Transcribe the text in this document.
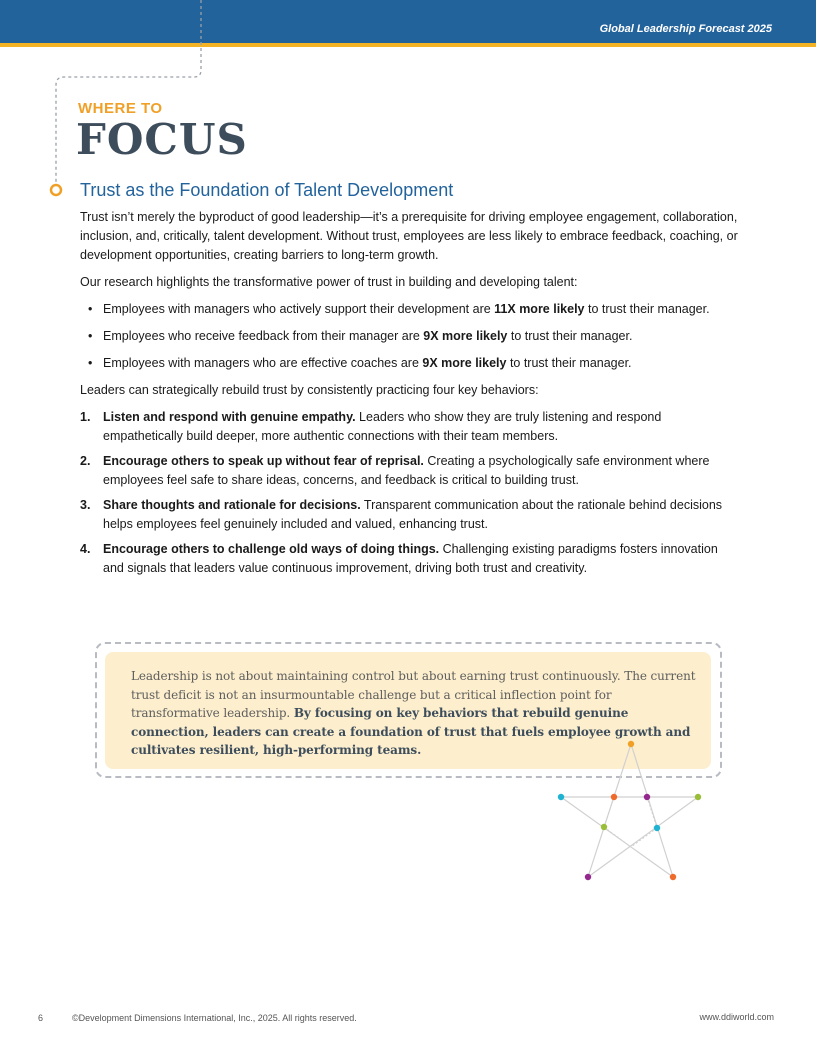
Global Leadership Forecast 2025
WHERE TO
FOCUS
Trust as the Foundation of Talent Development

Trust isn’t merely the byproduct of good leadership—it’s a prerequisite for driving employee engagement, collaboration, inclusion, and, critically, talent development. Without trust, employees are less likely to embrace feedback, coaching, or development opportunities, creating barriers to long-term growth.

Our research highlights the transformative power of trust in building and developing talent:

• Employees with managers who actively support their development are 11X more likely to trust their manager.
• Employees who receive feedback from their manager are 9X more likely to trust their manager.
• Employees with managers who are effective coaches are 9X more likely to trust their manager.

Leaders can strategically rebuild trust by consistently practicing four key behaviors:

1. Listen and respond with genuine empathy. Leaders who show they are truly listening and respond empathetically build deeper, more authentic connections with their team members.
2. Encourage others to speak up without fear of reprisal. Creating a psychologically safe environment where employees feel safe to share ideas, concerns, and feedback is critical to building trust.
3. Share thoughts and rationale for decisions. Transparent communication about the rationale behind decisions helps employees feel genuinely included and valued, enhancing trust.
4. Encourage others to challenge old ways of doing things. Challenging existing paradigms fosters innovation and signals that leaders value continuous improvement, driving both trust and creativity.

Leadership is not about maintaining control but about earning trust continuously. The current trust deficit is not an insurmountable challenge but a critical inflection point for transformative leadership. By focusing on key behaviors that rebuild genuine connection, leaders can create a foundation of trust that fuels employee growth and cultivates resilient, high-performing teams.

6	©Development Dimensions International, Inc., 2025. All rights reserved.	www.ddiworld.com
